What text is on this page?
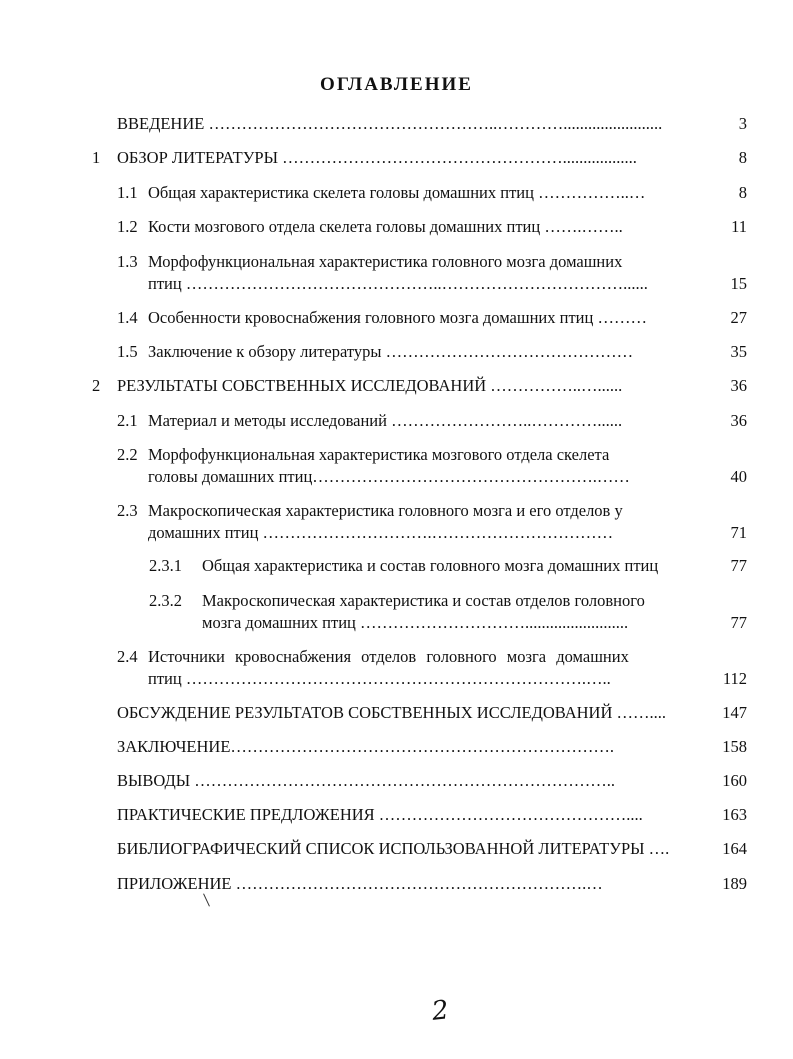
ОГЛАВЛЕНИЕ
ВВЕДЕНИЕ ……………………………………………..…………........................	3
1 ОБЗОР ЛИТЕРАТУРЫ ……………………………………………..................	8
1.1 Общая характеристика скелета головы домашних птиц ……………..…	8
1.2 Кости мозгового отдела скелета головы домашних птиц …….……..	11
1.3 Морфофункциональная характеристика головного мозга домашних
птиц ………………………………………..……………………………......	15
1.4 Особенности кровоснабжения головного мозга домашних птиц ………	27
1.5 Заключение к обзору литературы ………………………………………	35
2 РЕЗУЛЬТАТЫ СОБСТВЕННЫХ ИССЛЕДОВАНИЙ ……………..…......	36
2.1 Материал и методы исследований ……………………..…………......	36
2.2 Морфофункциональная характеристика мозгового отдела скелета
головы домашних птиц…………………………………………….……	40
2.3 Макроскопическая характеристика головного мозга и его отделов у
домашних птиц ………………………….……………………………	71
2.3.1 Общая характеристика и состав головного мозга домашних птиц	77
2.3.2 Макроскопическая характеристика и состав отделов головного
мозга домашних птиц ………………………….........................	77
2.4 Источники кровоснабжения отделов головного мозга домашних
птиц ……………………………………………………………….…..	112
ОБСУЖДЕНИЕ РЕЗУЛЬТАТОВ СОБСТВЕННЫХ ИССЛЕДОВАНИЙ ……....	147
ЗАКЛЮЧЕНИЕ…………………………………………………………….	158
ВЫВОДЫ …………………………………………………………………..	160
ПРАКТИЧЕСКИЕ ПРЕДЛОЖЕНИЯ ………………………………………....	163
БИБЛИОГРАФИЧЕСКИЙ СПИСОК ИСПОЛЬЗОВАННОЙ ЛИТЕРАТУРЫ ….	164
ПРИЛОЖЕНИЕ ……………………………………………………….…	189
2
